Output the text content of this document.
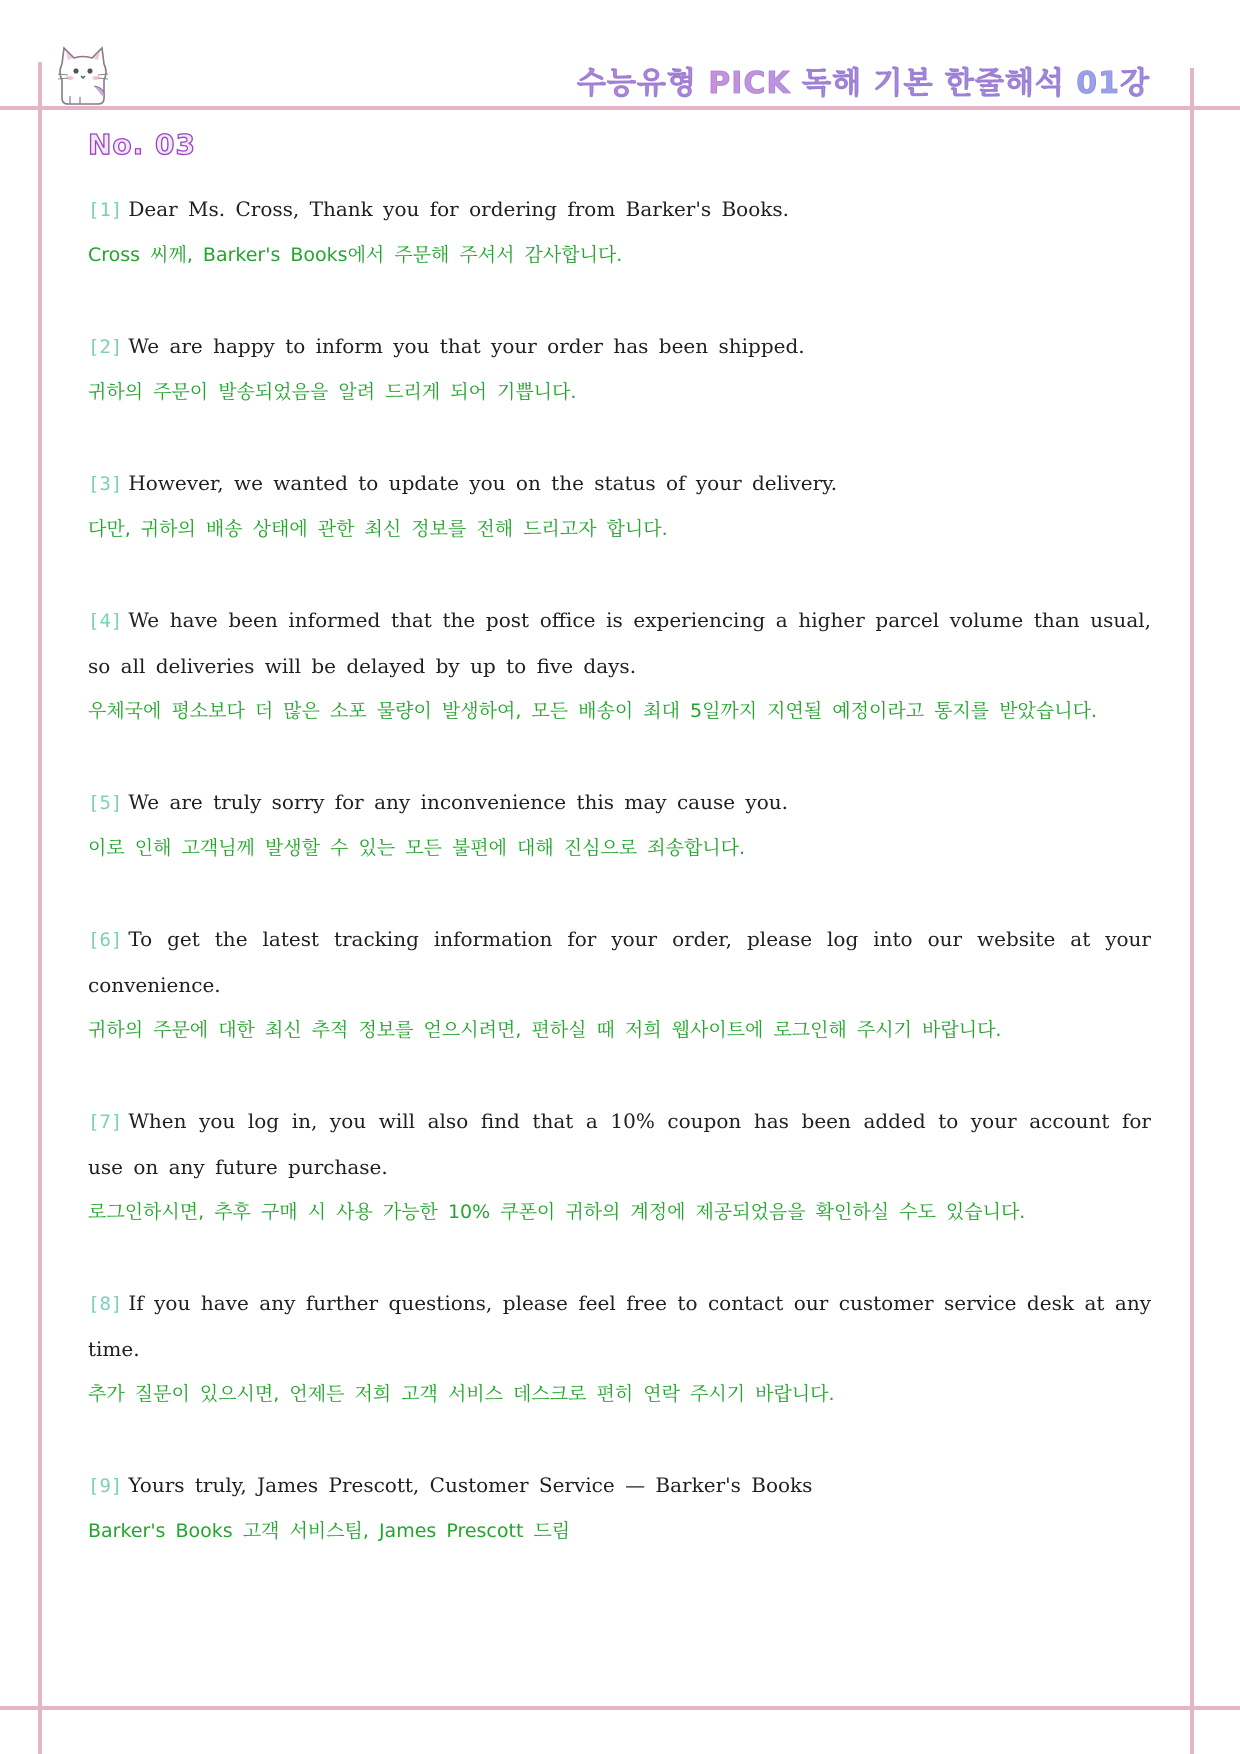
수능유형 PICK 독해 기본 한줄해석 01강
No. 03

[1] Dear Ms. Cross, Thank you for ordering from Barker's Books.

Cross 씨께, Barker's Books에서 주문해 주셔서 감사합니다.

[2] We are happy to inform you that your order has been shipped.

귀하의 주문이 발송되었음을 알려 드리게 되어 기쁩니다.

[3] However, we wanted to update you on the status of your delivery.

다만, 귀하의 배송 상태에 관한 최신 정보를 전해 드리고자 합니다.

[4] We have been informed that the post office is experiencing a higher parcel volume than usual, so all deliveries will be delayed by up to five days.

우체국에 평소보다 더 많은 소포 물량이 발생하여, 모든 배송이 최대 5일까지 지연될 예정이라고 통지를 받았습니다.

[5] We are truly sorry for any inconvenience this may cause you.

이로 인해 고객님께 발생할 수 있는 모든 불편에 대해 진심으로 죄송합니다.

[6] To get the latest tracking information for your order, please log into our website at your convenience.

귀하의 주문에 대한 최신 추적 정보를 얻으시려면, 편하실 때 저희 웹사이트에 로그인해 주시기 바랍니다.

[7] When you log in, you will also find that a 10% coupon has been added to your account for use on any future purchase.

로그인하시면, 추후 구매 시 사용 가능한 10% 쿠폰이 귀하의 계정에 제공되었음을 확인하실 수도 있습니다.

[8] If you have any further questions, please feel free to contact our customer service desk at any time.

추가 질문이 있으시면, 언제든 저희 고객 서비스 데스크로 편히 연락 주시기 바랍니다.

[9] Yours truly, James Prescott, Customer Service — Barker's Books

Barker's Books 고객 서비스팀, James Prescott 드림
